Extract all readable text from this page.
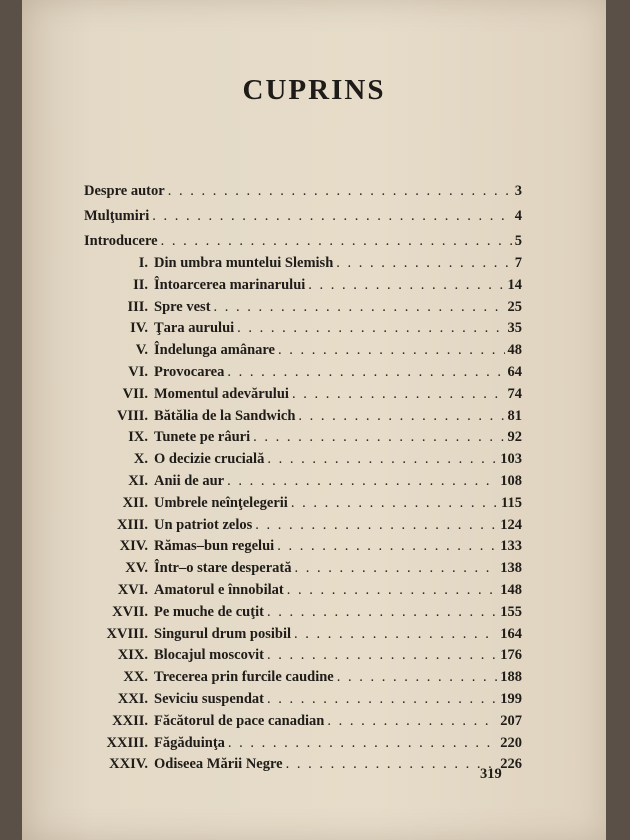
CUPRINS
Despre autor . . .	3
Mulţumiri . . .	4
Introducere . . .	5
I. Din umbra muntelui Slemish . . .	7
II. Întoarcerea marinarului . . .	14
III. Spre vest . . .	25
IV. Ţara aurului . . .	35
V. Îndelunga amânare . . .	48
VI. Provocarea . . .	64
VII. Momentul adevărului . . .	74
VIII. Bătălia de la Sandwich . . .	81
IX. Tunete pe râuri . . .	92
X. O decizie crucială . . .	103
XI. Anii de aur . . .	108
XII. Umbrele neînţelegerii . . .	115
XIII. Un patriot zelos . . .	124
XIV. Rămas–bun regelui . . .	133
XV. Într–o stare desperată . . .	138
XVI. Amatorul e înnobilat . . .	148
XVII. Pe muche de cuţit . . .	155
XVIII. Singurul drum posibil . . .	164
XIX. Blocajul moscovit . . .	176
XX. Trecerea prin furcile caudine . . .	188
XXI. Seviciu suspendat . . .	199
XXII. Făcătorul de pace canadian . . .	207
XXIII. Făgăduinţa . . .	220
XXIV. Odiseea Mării Negre . . .	226
319
